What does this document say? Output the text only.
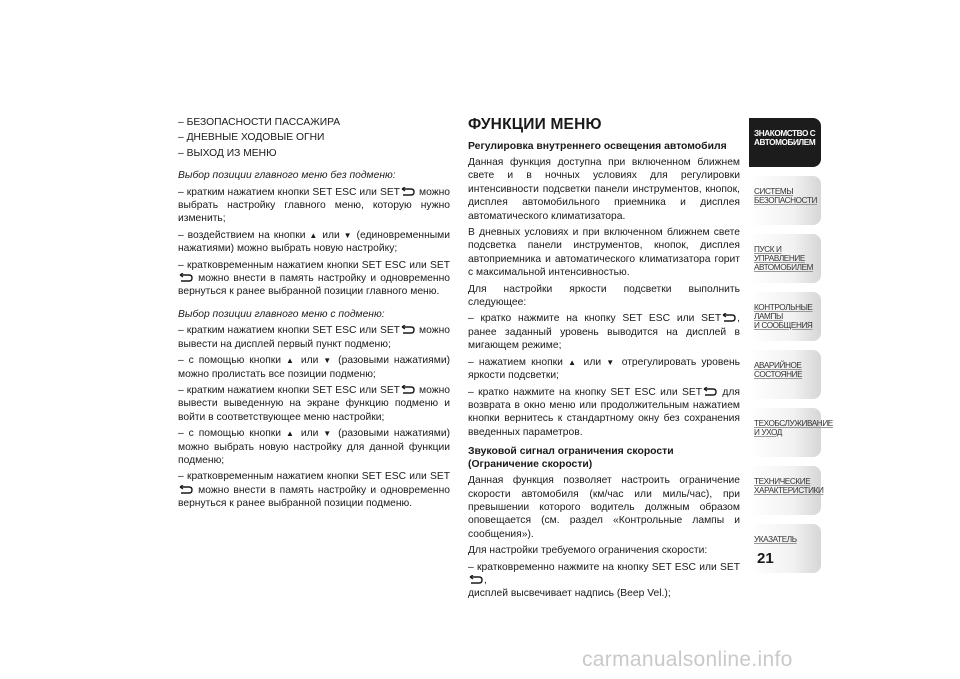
– БЕЗОПАСНОСТИ ПАССАЖИРА

– ДНЕВНЫЕ ХОДОВЫЕ ОГНИ

– ВЫХОД ИЗ МЕНЮ

Выбор позиции главного меню без подменю:

– кратким нажатием кнопки SET ESC или SET можно выбрать настройку главного меню, которую нужно изменить;

– воздействием на кнопки ▲ или ▼ (единовременными нажатиями) можно выбрать новую настройку;

– кратковременным нажатием кнопки SET ESC или SET можно внести в память настройку и одновременно вернуться к ранее выбранной позиции главного меню.

Выбор позиции главного меню с подменю:

– кратким нажатием кнопки SET ESC или SET можно вывести на дисплей первый пункт подменю;

– с помощью кнопки ▲ или ▼ (разовыми нажатиями) можно пролистать все позиции подменю;

– кратким нажатием кнопки SET ESC или SET можно вывести выведенную на экране функцию подменю и войти в соответствующее меню настройки;

– с помощью кнопки ▲ или ▼ (разовыми нажатиями) можно выбрать новую настройку для данной функции подменю;

– кратковременным нажатием кнопки SET ESC или SET можно внести в память настройку и одновременно вернуться к ранее выбранной позиции подменю.

ФУНКЦИИ МЕНЮ
Регулировка внутреннего освещения автомобиля

Данная функция доступна при включенном ближнем свете и в ночных условиях для регулировки интенсивности подсветки панели инструментов, кнопок, дисплея автомобильного приемника и дисплея автоматического климатизатора.

В дневных условиях и при включенном ближнем свете подсветка панели инструментов, кнопок, дисплея автоприемника и автоматического климатизатора горит с максимальной интенсивностью.

Для настройки яркости подсветки выполнить следующее:

– кратко нажмите на кнопку SET ESC или SET , ранее заданный уровень выводится на дисплей в мигающем режиме;

– нажатием кнопки ▲ или ▼ отрегулировать уровень яркости подсветки;

– кратко нажмите на кнопку SET ESC или SET для возврата в окно меню или продолжительным нажатием кнопки вернитесь к стандартному окну без сохранения введенных параметров.

Звуковой сигнал ограничения скорости (Ограничение скорости)

Данная функция позволяет настроить ограничение скорости автомобиля (км/час или миль/час), при превышении которого водитель должным образом оповещается (см. раздел «Контрольные лампы и сообщения»).

Для настройки требуемого ограничения скорости:

– кратковременно нажмите на кнопку SET ESC или SET,

дисплей высвечивает надпись (Beep Vel.);

ЗНАКОМСТВО С
АВТОМОБИЛЕМ
СИСТЕМЫ
БЕЗОПАСНОСТИ
ПУСК И УПРАВЛЕНИЕ
АВТОМОБИЛЕМ
КОНТРОЛЬНЫЕ
ЛАМПЫ
И СООБЩЕНИЯ
АВАРИЙНОЕ
СОСТОЯНИЕ
ТЕХОБСЛУЖИВАНИЕ
И УХОД
ТЕХНИЧЕСКИЕ
ХАРАКТЕРИСТИКИ
УКАЗАТЕЛЬ
21
carmanualsonline.info
